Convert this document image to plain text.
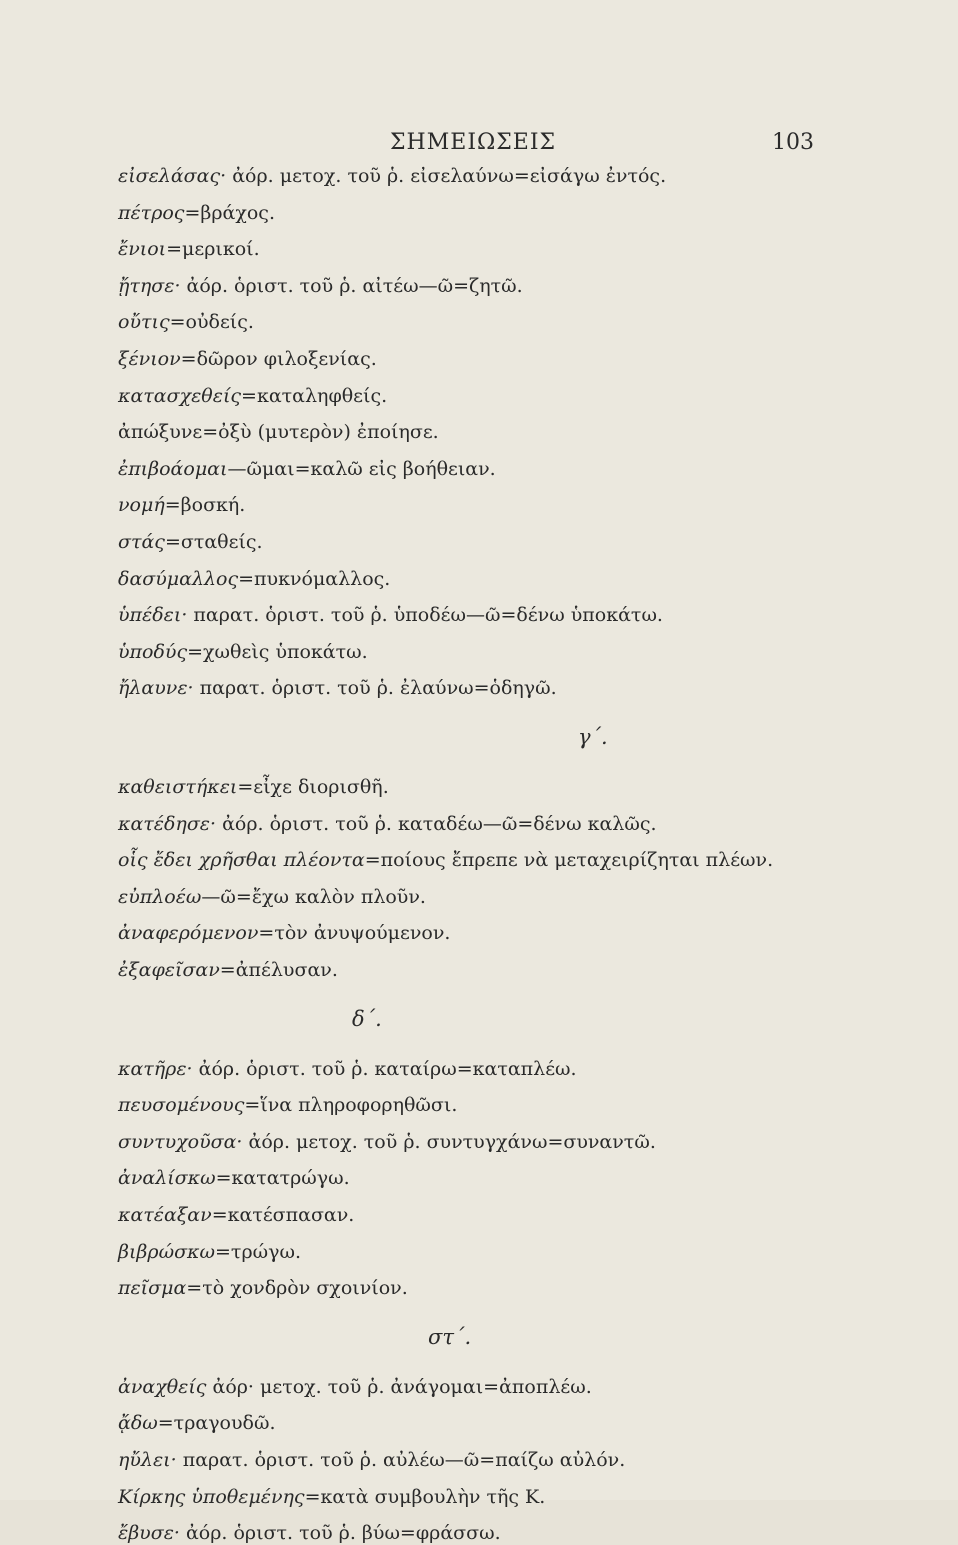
ΣΗΜΕΙΩΣΕΙΣ	103
εἰσελάσας· ἀόρ. μετοχ. τοῦ ῥ. εἰσελαύνω=εἰσάγω ἐντός.
πέτρος=βράχος.
ἔνιοι=μερικοί.
ᾔτησε· ἀόρ. ὁριστ. τοῦ ῥ. αἰτέω—ῶ=ζητῶ.
οὔτις=οὐδείς.
ξένιον=δῶρον φιλοξενίας.
κατασχεθείς=καταληφθείς.
ἀπώξυνε=ὀξὺ (μυτερὸν) ἐποίησε.
ἐπιβοάομαι—ῶμαι=καλῶ εἰς βοήθειαν.
νομή=βοσκή.
στάς=σταθείς.
δασύμαλλος=πυκνόμαλλος.
ὑπέδει· παρατ. ὁριστ. τοῦ ῥ. ὑποδέω—ῶ=δένω ὑποκάτω.
ὑποδύς=χωθεὶς ὑποκάτω.
ἤλαυνε· παρατ. ὁριστ. τοῦ ῥ. ἐλαύνω=ὁδηγῶ.
γ΄.
καθειστήκει=εἶχε διορισθῆ.
κατέδησε· ἀόρ. ὁριστ. τοῦ ῥ. καταδέω—ῶ=δένω καλῶς.
οἷς ἔδει χρῆσθαι πλέοντα=ποίους ἔπρεπε νὰ μεταχειρίζηται πλέων.
εὐπλοέω—ῶ=ἔχω καλὸν πλοῦν.
ἀναφερόμενον=τὸν ἀνυψούμενον.
ἐξαφεῖσαν=ἀπέλυσαν.
δ΄.
κατῆρε· ἀόρ. ὁριστ. τοῦ ῥ. καταίρω=καταπλέω.
πευσομένους=ἵνα πληροφορηθῶσι.
συντυχοῦσα· ἀόρ. μετοχ. τοῦ ῥ. συντυγχάνω=συναντῶ.
ἀναλίσκω=κατατρώγω.
κατέαξαν=κατέσπασαν.
βιβρώσκω=τρώγω.
πεῖσμα=τὸ χονδρὸν σχοινίον.
στ΄.
ἀναχθείς ἀόρ· μετοχ. τοῦ ῥ. ἀνάγομαι=ἀποπλέω.
ᾄδω=τραγουδῶ.
ηὔλει· παρατ. ὁριστ. τοῦ ῥ. αὐλέω—ῶ=παίζω αὐλόν.
Κίρκης ὑποθεμένης=κατὰ συμβουλὴν τῆς Κ.
ἔβυσε· ἀόρ. ὁριστ. τοῦ ῥ. βύω=φράσσω.
